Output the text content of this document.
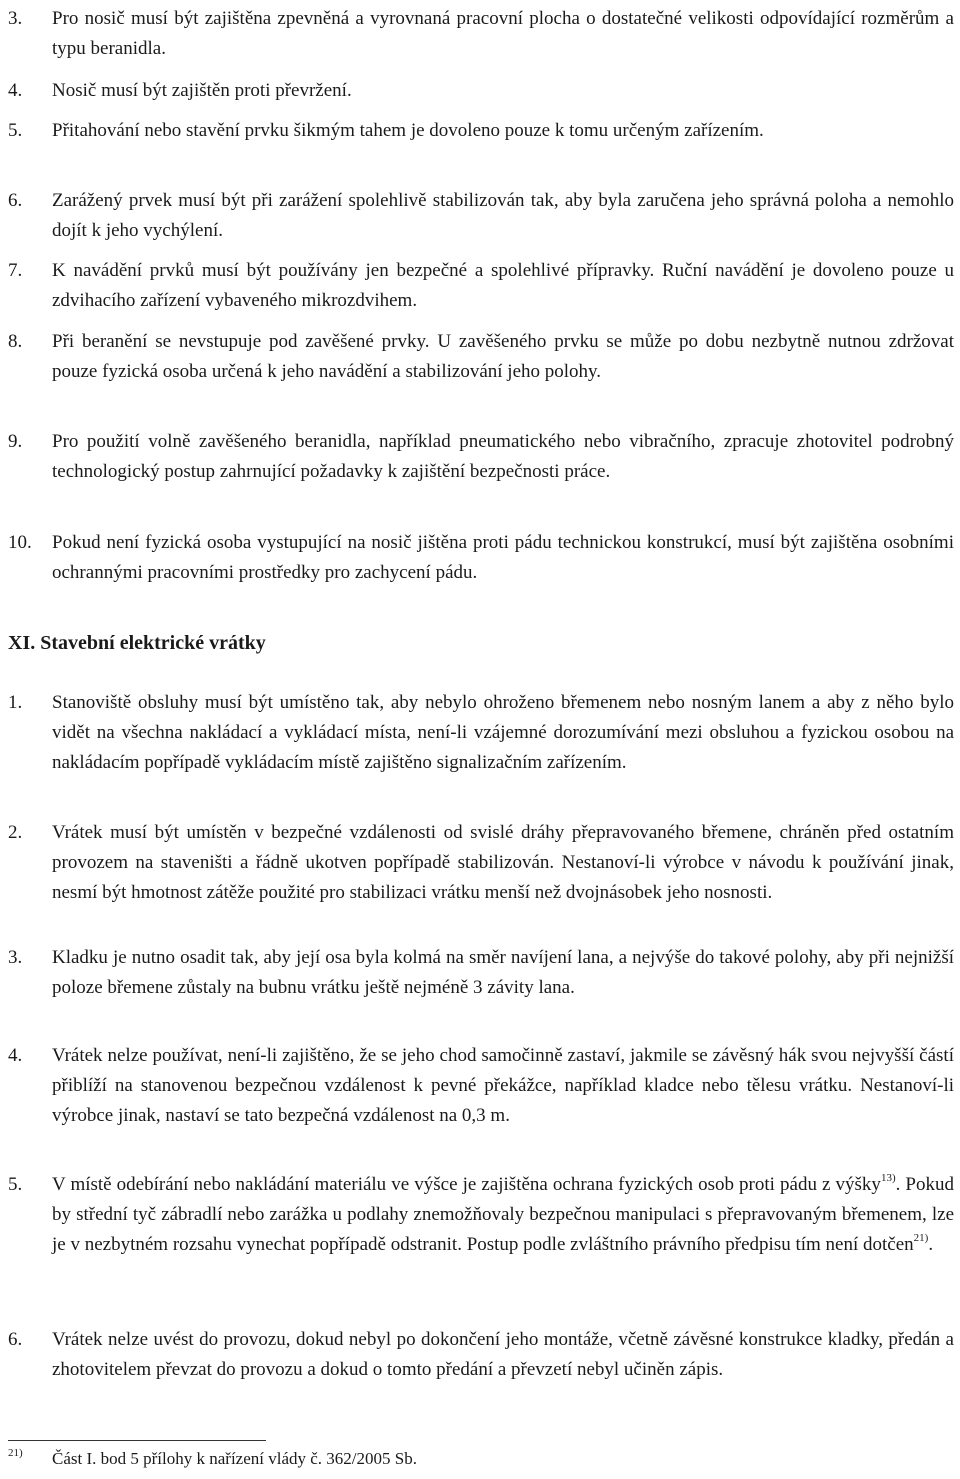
3. Pro nosič musí být zajištěna zpevněná a vyrovnaná pracovní plocha o dostatečné velikosti odpovídající rozměrům a typu beranidla.
4. Nosič musí být zajištěn proti převržení.
5. Přitahování nebo stavění prvku šikmým tahem je dovoleno pouze k tomu určeným zařízením.
6. Zarážený prvek musí být při zarážení spolehlivě stabilizován tak, aby byla zaručena jeho správná poloha a nemohlo dojít k jeho vychýlení.
7. K navádění prvků musí být používány jen bezpečné a spolehlivé přípravky. Ruční navádění je dovoleno pouze u zdvihacího zařízení vybaveného mikrozdvihem.
8. Při beranění se nevstupuje pod zavěšené prvky. U zavěšeného prvku se může po dobu nezbytně nutnou zdržovat pouze fyzická osoba určená k jeho navádění a stabilizování jeho polohy.
9. Pro použití volně zavěšeného beranidla, například pneumatického nebo vibračního, zpracuje zhotovitel podrobný technologický postup zahrnující požadavky k zajištění bezpečnosti práce.
10. Pokud není fyzická osoba vystupující na nosič jištěna proti pádu technickou konstrukcí, musí být zajištěna osobními ochrannými pracovními prostředky pro zachycení pádu.
XI. Stavební elektrické vrátky
1. Stanoviště obsluhy musí být umístěno tak, aby nebylo ohroženo břemenem nebo nosným lanem a aby z něho bylo vidět na všechna nakládací a vykládací místa, není-li vzájemné dorozumívání mezi obsluhou a fyzickou osobou na nakládacím popřípadě vykládacím místě zajištěno signalizačním zařízením.
2. Vrátek musí být umístěn v bezpečné vzdálenosti od svislé dráhy přepravovaného břemene, chráněn před ostatním provozem na staveništi a řádně ukotven popřípadě stabilizován. Nestanoví-li výrobce v návodu k používání jinak, nesmí být hmotnost zátěže použité pro stabilizaci vrátku menší než dvojnásobek jeho nosnosti.
3. Kladku je nutno osadit tak, aby její osa byla kolmá na směr navíjení lana, a nejvýše do takové polohy, aby při nejnižší poloze břemene zůstaly na bubnu vrátku ještě nejméně 3 závity lana.
4. Vrátek nelze používat, není-li zajištěno, že se jeho chod samočinně zastaví, jakmile se závěsný hák svou nejvyšší částí přiblíží na stanovenou bezpečnou vzdálenost k pevné překážce, například kladce nebo tělesu vrátku. Nestanoví-li výrobce jinak, nastaví se tato bezpečná vzdálenost na 0,3 m.
5. V místě odebírání nebo nakládání materiálu ve výšce je zajištěna ochrana fyzických osob proti pádu z výšky$^{13)}$. Pokud by střední tyč zábradlí nebo zarážka u podlahy znemožňovaly bezpečnou manipulaci s přepravovaným břemenem, lze je v nezbytném rozsahu vynechat popřípadě odstranit. Postup podle zvláštního právního předpisu tím není dotčen$^{21)}$.
6. Vrátek nelze uvést do provozu, dokud nebyl po dokončení jeho montáže, včetně závěsné konstrukce kladky, předán a zhotovitelem převzat do provozu a dokud o tomto předání a převzetí nebyl učiněn zápis.
21) Část I. bod 5 přílohy k nařízení vlády č. 362/2005 Sb.
